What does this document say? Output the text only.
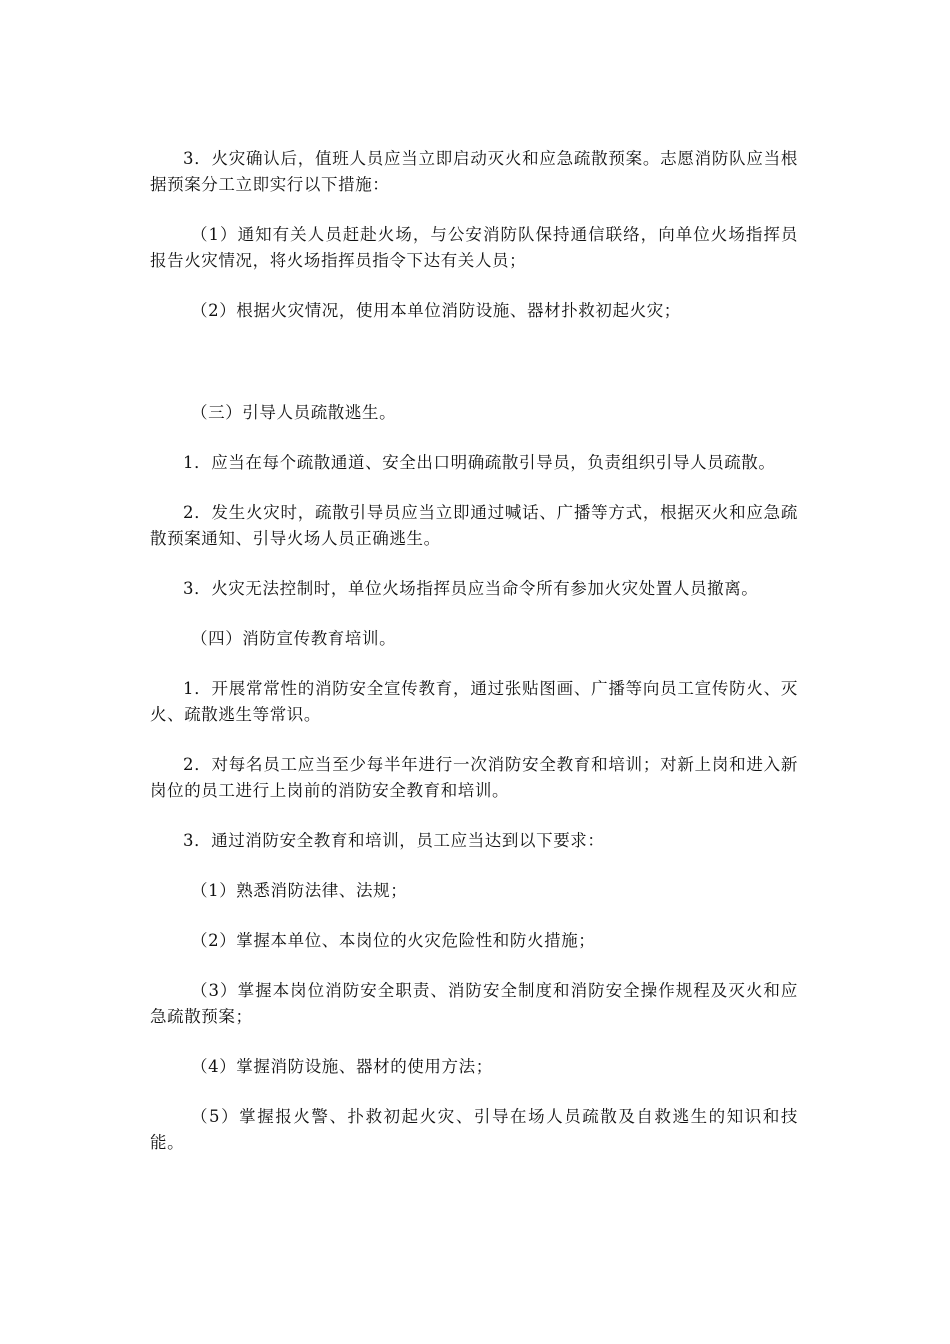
3．火灾确认后，值班人员应当立即启动灭火和应急疏散预案。志愿消防队应当根据预案分工立即实行以下措施：

（1）通知有关人员赶赴火场，与公安消防队保持通信联络，向单位火场指挥员报告火灾情况，将火场指挥员指令下达有关人员；

（2）根据火灾情况，使用本单位消防设施、器材扑救初起火灾；

（三）引导人员疏散逃生。

1．应当在每个疏散通道、安全出口明确疏散引导员，负责组织引导人员疏散。

2．发生火灾时，疏散引导员应当立即通过喊话、广播等方式，根据灭火和应急疏散预案通知、引导火场人员正确逃生。

3．火灾无法控制时，单位火场指挥员应当命令所有参加火灾处置人员撤离。

（四）消防宣传教育培训。

1．开展常常性的消防安全宣传教育，通过张贴图画、广播等向员工宣传防火、灭火、疏散逃生等常识。

2．对每名员工应当至少每半年进行一次消防安全教育和培训；对新上岗和进入新岗位的员工进行上岗前的消防安全教育和培训。

3．通过消防安全教育和培训，员工应当达到以下要求：

（1）熟悉消防法律、法规；

（2）掌握本单位、本岗位的火灾危险性和防火措施；

（3）掌握本岗位消防安全职责、消防安全制度和消防安全操作规程及灭火和应急疏散预案；

（4）掌握消防设施、器材的使用方法；

（5）掌握报火警、扑救初起火灾、引导在场人员疏散及自救逃生的知识和技能。
